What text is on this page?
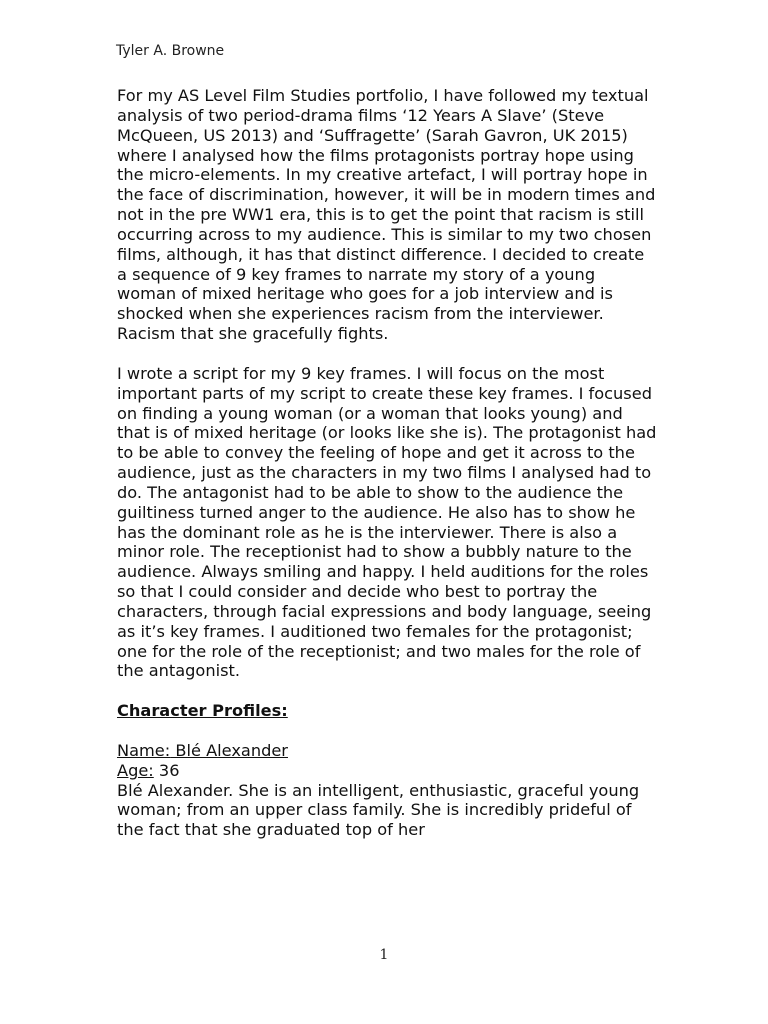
Tyler A. Browne

For my AS Level Film Studies portfolio, I have followed my textual analysis of two period-drama films ‘12 Years A Slave’ (Steve McQueen, US 2013) and ‘Suffragette’ (Sarah Gavron, UK 2015) where I analysed how the films protagonists portray hope using the micro-elements. In my creative artefact, I will portray hope in the face of discrimination, however, it will be in modern times and not in the pre WW1 era, this is to get the point that racism is still occurring across to my audience. This is similar to my two chosen films, although, it has that distinct difference. I decided to create a sequence of 9 key frames to narrate my story of a young woman of mixed heritage who goes for a job interview and is shocked when she experiences racism from the interviewer. Racism that she gracefully fights.

I wrote a script for my 9 key frames. I will focus on the most important parts of my script to create these key frames. I focused on finding a young woman (or a woman that looks young) and that is of mixed heritage (or looks like she is). The protagonist had to be able to convey the feeling of hope and get it across to the audience, just as the characters in my two films I analysed had to do. The antagonist had to be able to show to the audience the guiltiness turned anger to the audience. He also has to show he has the dominant role as he is the interviewer. There is also a minor role. The receptionist had to show a bubbly nature to the audience. Always smiling and happy. I held auditions for the roles so that I could consider and decide who best to portray the characters, through facial expressions and body language, seeing as it’s key frames. I auditioned two females for the protagonist; one for the role of the receptionist; and two males for the role of the antagonist.

Character Profiles:

Name: Blé Alexander

Age: 36

Blé Alexander. She is an intelligent, enthusiastic, graceful young woman; from an upper class family. She is incredibly prideful of the fact that she graduated top of her

1
